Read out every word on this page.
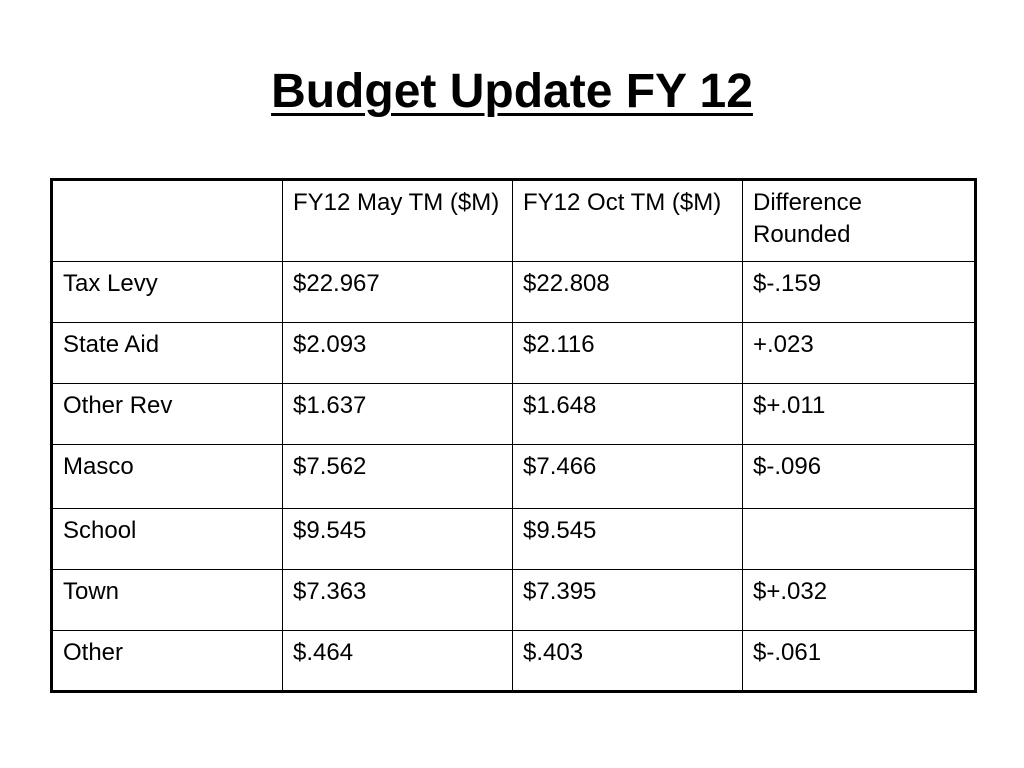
Budget Update FY 12
	FY12 May TM ($M)	FY12 Oct TM ($M)	Difference Rounded
Tax Levy	$22.967	$22.808	$-.159
State Aid	$2.093	$2.116	+.023
Other Rev	$1.637	$1.648	$+.011
Masco	$7.562	$7.466	$-.096
School	$9.545	$9.545	
Town	$7.363	$7.395	$+.032
Other	$.464	$.403	$-.061
